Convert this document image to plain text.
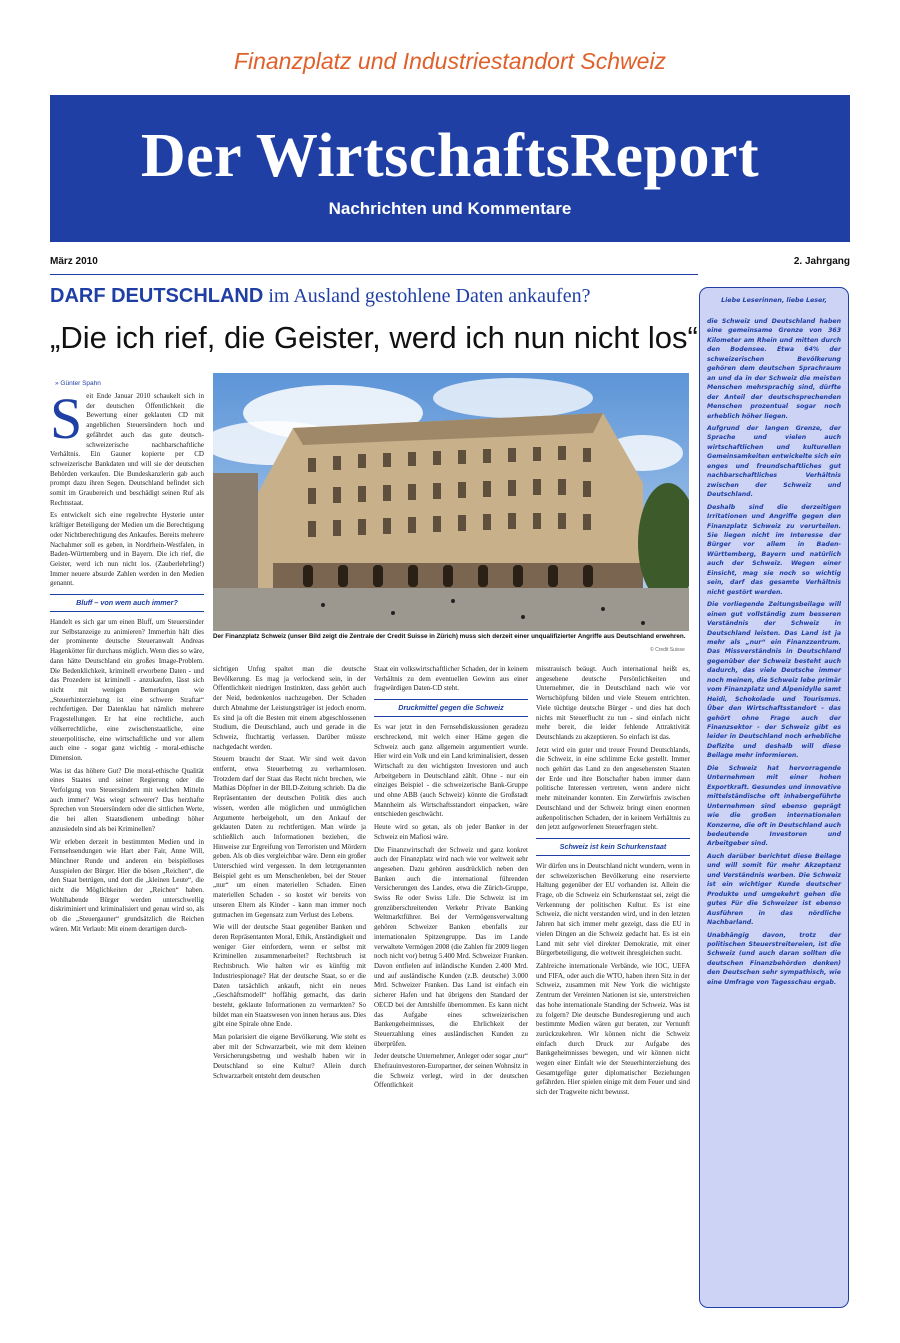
Finanzplatz und Industriestandort Schweiz
Der WirtschaftsReport
Nachrichten und Kommentare
März 2010	2. Jahrgang
DARF DEUTSCHLAND im Ausland gestohlene Daten ankaufen?
„Die ich rief, die Geister, werd ich nun nicht los“
» Günter Spahn
S eit Ende Januar 2010 schaukelt sich in der deutschen Öffentlichkeit die Bewertung einer geklauten CD mit angeblichen Steuersündern hoch und gefährdet auch das gute deutsch-schweizerische nachbarschaftliche Verhältnis. Ein Gauner kopierte per CD schweizerische Bankdaten und will sie der deutschen Behörden verkaufen. Die Bundeskanzlerin gab auch prompt dazu ihren Segen. Deutschland befindet sich somit im Graubereich und beschädigt seinen Ruf als Rechtsstaat.

Es entwickelt sich eine regelrechte Hysterie unter kräftiger Beteiligung der Medien um die Berechtigung oder Nichtberechtigung des Ankaufes. Bereits mehrere Nachahmer soll es geben, in Nordrhein-Westfalen, in Baden-Württemberg und in Bayern. Die ich rief, die Geister, werd ich nun nicht los. (Zauberlehrling!) Immer neuere absurde Zahlen werden in den Medien genannt.

Bluff – von wem auch immer?

Handelt es sich gar um einen Bluff, um Steuersünder zur Selbstanzeige zu animieren? Immerhin hält dies der prominente deutsche Steueranwalt Andreas Hagenkötter für durchaus möglich. Wenn dies so wäre, dann hätte Deutschland ein großes Image-Problem. Die Bedenklichkeit, kriminell erworbene Daten - und das Prozedere ist kriminell - anzukaufen, lässt sich nicht mit wenigen Bemerkungen wie „Steuerhinterziehung ist eine schwere Straftat“ rechtfertigen. Der Datenklau hat nämlich mehrere Fragestellungen. Er hat eine rechtliche, auch völkerrechtliche, eine zwischenstaatliche, eine steuerpolitische, eine wirtschaftliche und vor allem auch eine - sogar ganz wichtig - moral-ethische Dimension.

Was ist das höhere Gut? Die moral-ethische Qualität eines Staates und seiner Regierung oder die Verfolgung von Steuersündern mit welchen Mitteln auch immer? Was wiegt schwerer? Das herzhafte Sprechen von Steuersündern oder die sittlichen Werte, die bei allen Staatsdienern unbedingt höher anzusiedeln sind als bei Kriminellen?

Wir erleben derzeit in bestimmten Medien und in Fernsehsendungen wie Hart aber Fair, Anne Will, Münchner Runde und anderen ein beispielloses Ausspielen der Bürger. Hier die bösen „Reichen“, die den Staat betrügen, und dort die „kleinen Leute“, die nicht die Möglichkeiten der „Reichen“ haben. Wohlhabende Bürger werden unterschwellig diskriminiert und kriminalisiert und genau wird so, als ob die „Steuergauner“ grundsätzlich die Reichen wären. Mit Verlaub: Mit einem derartigen durch-

Der Finanzplatz Schweiz (unser Bild zeigt die Zentrale der Credit Suisse in Zürich) muss sich derzeit einer unqualifizierter Angriffe aus Deutschland erwehren.
© Credit Suisse

sichtigen Unfug spaltet man die deutsche Bevölkerung. Es mag ja verlockend sein, in der Öffentlichkeit niedrigen Instinkten, dass gehört auch der Neid, bedenkenlos nachzugeben. Der Schaden durch Abnahme der Leistungsträger ist jedoch enorm. Es sind ja oft die Besten mit einem abgeschlossenen Studium, die Deutschland, auch und gerade in die Schweiz, fluchtartig verlassen. Darüber müsste nachgedacht werden.

Steuern braucht der Staat. Wir sind weit davon entfernt, etwa Steuerbetrug zu verharmlosen. Trotzdem darf der Staat das Recht nicht brechen, wie Mathias Döpfner in der BILD-Zeitung schrieb. Da die Repräsentanten der deutschen Politik dies auch wissen, werden alle möglichen und unmöglichen Argumente herbeigeholt, um den Ankauf der geklauten Daten zu rechtfertigen. Man würde ja schließlich auch Informationen beziehen, die Hinweise zur Ergreifung von Terroristen und Mördern geben. Als ob dies vergleichbar wäre. Denn ein großer Unterschied wird vergessen. In dem letztgenannten Beispiel geht es um Menschenleben, bei der Steuer „nur“ um einen materiellen Schaden. Einen materiellen Schaden - so kostet wir bereits von unseren Eltern als Kinder - kann man immer noch gutmachen im Gegensatz zum Verlust des Lebens.

Wie will der deutsche Staat gegenüber Banken und deren Repräsentanten Moral, Ethik, Anständigkeit und weniger Gier einfordern, wenn er selbst mit Kriminellen zusammenarbeitet? Rechtsbruch ist Rechtsbruch. Wie halten wir es künftig mit Industriespionage? Hat der deutsche Staat, so er die Daten tatsächlich ankauft, nicht ein neues „Geschäftsmodell“ hoffähig gemacht, das darin besteht, geklaute Informationen zu vermarkten? So bildet man ein Staatswesen von innen heraus aus. Dies gibt eine Spirale ohne Ende.

Man polarisiert die eigene Bevölkerung. Wie steht es aber mit der Schwarzarbeit, wie mit dem kleinen Versicherungsbetrug und weshalb haben wir in Deutschland so eine Kultur? Allein durch Schwarzarbeit entsteht dem deutschen

Staat ein volkswirtschaftlicher Schaden, der in keinem Verhältnis zu dem eventuellen Gewinn aus einer fragwürdigen Daten-CD steht.

Druckmittel gegen die Schweiz

Es war jetzt in den Fernsehdiskussionen geradezu erschreckend, mit welch einer Häme gegen die Schweiz auch ganz allgemein argumentiert wurde. Hier wird ein Volk und ein Land kriminalisiert, dessen Wirtschaft zu den wichtigsten Investoren und auch Arbeitgebern in Deutschland zählt. Ohne - nur ein einziges Beispiel - die schweizerische Bank-Gruppe und ohne ABB (auch Schweiz) könnte die Großstadt Mannheim als Wirtschaftsstandort einpacken, wäre entschieden geschwächt.

Heute wird so getan, als ob jeder Banker in der Schweiz ein Mafiosi wäre.

Die Finanzwirtschaft der Schweiz und ganz konkret auch der Finanzplatz wird nach wie vor weltweit sehr angesehen. Dazu gehören ausdrücklich neben den Banken auch die international führenden Versicherungen des Landes, etwa die Zürich-Gruppe, Swiss Re oder Swiss Life. Die Schweiz ist im grenzüberschreitenden Verkehr Private Banking Weltmarktführer. Bei der Vermögensverwaltung gehören Schweizer Banken ebenfalls zur internationalen Spitzengruppe. Das im Lande verwaltete Vermögen 2008 (die Zahlen für 2009 liegen noch nicht vor) betrug 5.400 Mrd. Schweizer Franken. Davon entfielen auf inländische Kunden 2.400 Mrd. und auf ausländische Kunden (z.B. deutsche) 3.000 Mrd. Schweizer Franken. Das Land ist einfach ein sicherer Hafen und hat übrigens den Standard der OECD bei der Amtshilfe übernommen. Es kann nicht das Aufgabe eines schweizerischen Bankengeheimnisses, die Ehrlichkeit der Steuerzahlung eines ausländischen Kunden zu überprüfen.

Jeder deutsche Unternehmer, Anleger oder sogar „nur“ Ehefrauinvestoren-Europartner, der seinen Wohnsitz in die Schweiz verlegt, wird in der deutschen Öffentlichkeit

misstrauisch beäugt. Auch international heißt es, angesehene deutsche Persönlichkeiten und Unternehmer, die in Deutschland nach wie vor Wertschöpfung bilden und viele Steuern entrichten. Viele tüchtige deutsche Bürger - und dies hat doch nichts mit Steuerflucht zu tun - sind einfach nicht mehr bereit, die leider fehlende Attraktivität Deutschlands zu akzeptieren. So einfach ist das.

Jetzt wird ein guter und treuer Freund Deutschlands, die Schweiz, in eine schlimme Ecke gestellt. Immer noch gehört das Land zu den angesehensten Staaten der Erde und ihre Botschafter haben immer dann politische Interessen vertreten, wenn andere nicht mehr miteinander konnten. Ein Zerwürfnis zwischen Deutschland und der Schweiz bringt einen enormen außenpolitischen Schaden, der in keinem Verhältnis zu den jetzt aufgeworfenen Steuerfragen steht.

Schweiz ist kein Schurkenstaat

Wir dürfen uns in Deutschland nicht wundern, wenn in der schweizerischen Bevölkerung eine reservierte Haltung gegenüber der EU vorhanden ist. Allein die Frage, ob die Schweiz ein Schurkenstaat sei, zeigt die Verkennung der politischen Kultur. Es ist eine Schweiz, die nicht verstanden wird, und in den letzten Jahren hat sich immer mehr gezeigt, dass die EU in vielen Dingen an die Schweiz gedacht hat. Es ist ein Land mit sehr viel direkter Demokratie, mit einer Bürgerbeteiligung, die weltweit ihresgleichen sucht.

Zahlreiche internationale Verbände, wie IOC, UEFA und FIFA, oder auch die WTO, haben ihren Sitz in der Schweiz, zusammen mit New York die wichtigste Zentrum der Vereinten Nationen ist sie, unterstreichen das hohe internationale Standing der Schweiz. Was ist zu folgern? Die deutsche Bundesregierung und auch bestimmte Medien wären gut beraten, zur Vernunft zurückzukehren. Wir können nicht die Schweiz einfach durch Druck zur Aufgabe des Bankgeheimnisses bewegen, und wir können nicht wegen einer Einfalt wie der Steuerhinterziehung des Gesamtgefüge guter diplomatischer Beziehungen gefährden. Hier spielen einige mit dem Feuer und sind sich der Tragweite nicht bewusst.

Liebe Leserinnen, liebe Leser,

die Schweiz und Deutschland haben eine gemeinsame Grenze von 363 Kilometer am Rhein und mitten durch den Bodensee. Etwa 64% der schweizerischen Bevölkerung gehören dem deutschen Sprachraum an und da in der Schweiz die meisten Menschen mehrsprachig sind, dürfte der Anteil der deutschsprechenden Menschen prozentual sogar noch erheblich höher liegen.

Aufgrund der langen Grenze, der Sprache und vielen auch wirtschaftlichen und kulturellen Gemeinsamkeiten entwickelte sich ein enges und freundschaftliches gut nachbarschaftliches Verhältnis zwischen der Schweiz und Deutschland.

Deshalb sind die derzeitigen Irritationen und Angriffe gegen den Finanzplatz Schweiz zu verurteilen. Sie liegen nicht im Interesse der Bürger vor allem in Baden-Württemberg, Bayern und natürlich auch der Schweiz. Wegen einer Einsicht, mag sie noch so wichtig sein, darf das gesamte Verhältnis nicht gestört werden.

Die vorliegende Zeitungsbeilage will einen gut vollständig zum besseren Verständnis der Schweiz in Deutschland leisten. Das Land ist ja mehr als „nur“ ein Finanzzentrum. Das Missverständnis in Deutschland gegenüber der Schweiz besteht auch dadurch, das viele Deutsche immer noch meinen, die Schweiz lebe primär vom Finanzplatz und Alpenidylle samt Heidi, Schokolade und Tourismus. Über den Wirtschaftsstandort - das gehört ohne Frage auch der Finanzsektor - der Schweiz gibt es leider in Deutschland noch erhebliche Defizite und deshalb will diese Beilage mehr informieren.

Die Schweiz hat hervorragende Unternehmen mit einer hohen Exportkraft. Gesundes und innovative mittelständische oft inhabergeführte Unternehmen sind ebenso geprägt wie die großen internationalen Konzerne, die oft in Deutschland auch bedeutende Investoren und Arbeitgeber sind.

Auch darüber berichtet diese Beilage und will somit für mehr Akzeptanz und Verständnis werben. Die Schweiz ist ein wichtiger Kunde deutscher Produkte und umgekehrt gehen die gutes Für die Schweizer ist ebenso Ausführen in das nördliche Nachbarland.

Unabhängig davon, trotz der politischen Steuerstreitereien, ist die Schweiz (und auch daran sollten die deutschen Finanzbehörden denken) den Deutschen sehr sympathisch, wie eine Umfrage von Tagesschau ergab.
